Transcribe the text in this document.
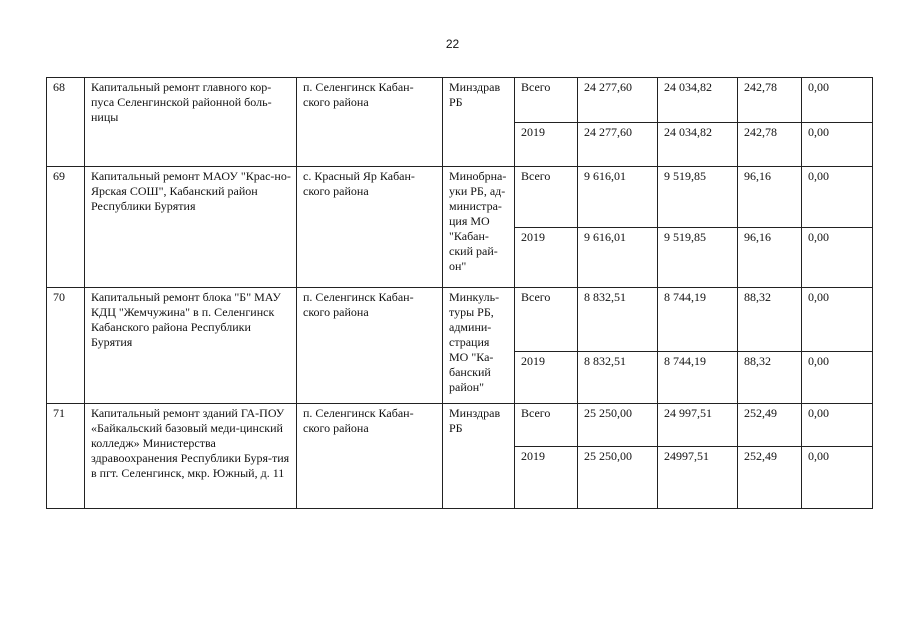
22
68	Капитальный ремонт главного кор-пуса Селенгинской районной боль-ницы	п. Селенгинск Кабан-ского района	Минздрав РБ	Всего	24 277,60	24 034,82	242,78	0,00
				2019	24 277,60	24 034,82	242,78	0,00
69	Капитальный ремонт МАОУ "Крас-но-Ярская СОШ", Кабанский район Республики Бурятия	с. Красный Яр Кабан-ского района	Минобрна-уки РБ, ад-министра-ция МО "Кабан-ский рай-он"	Всего	9 616,01	9 519,85	96,16	0,00
				2019	9 616,01	9 519,85	96,16	0,00
70	Капитальный ремонт блока "Б" МАУ КДЦ "Жемчужина" в п. Селенгинск Кабанского района Республики Бурятия	п. Селенгинск Кабан-ского района	Минкуль-туры РБ, админи-страция МО "Ка-банский район"	Всего	8 832,51	8 744,19	88,32	0,00
				2019	8 832,51	8 744,19	88,32	0,00
71	Капитальный ремонт зданий ГА-ПОУ «Байкальский базовый меди-цинский колледж» Министерства здравоохранения Республики Буря-тия в пгт. Селенгинск, мкр. Южный, д. 11	п. Селенгинск Кабан-ского района	Минздрав РБ	Всего	25 250,00	24 997,51	252,49	0,00
				2019	25 250,00	24997,51	252,49	0,00
